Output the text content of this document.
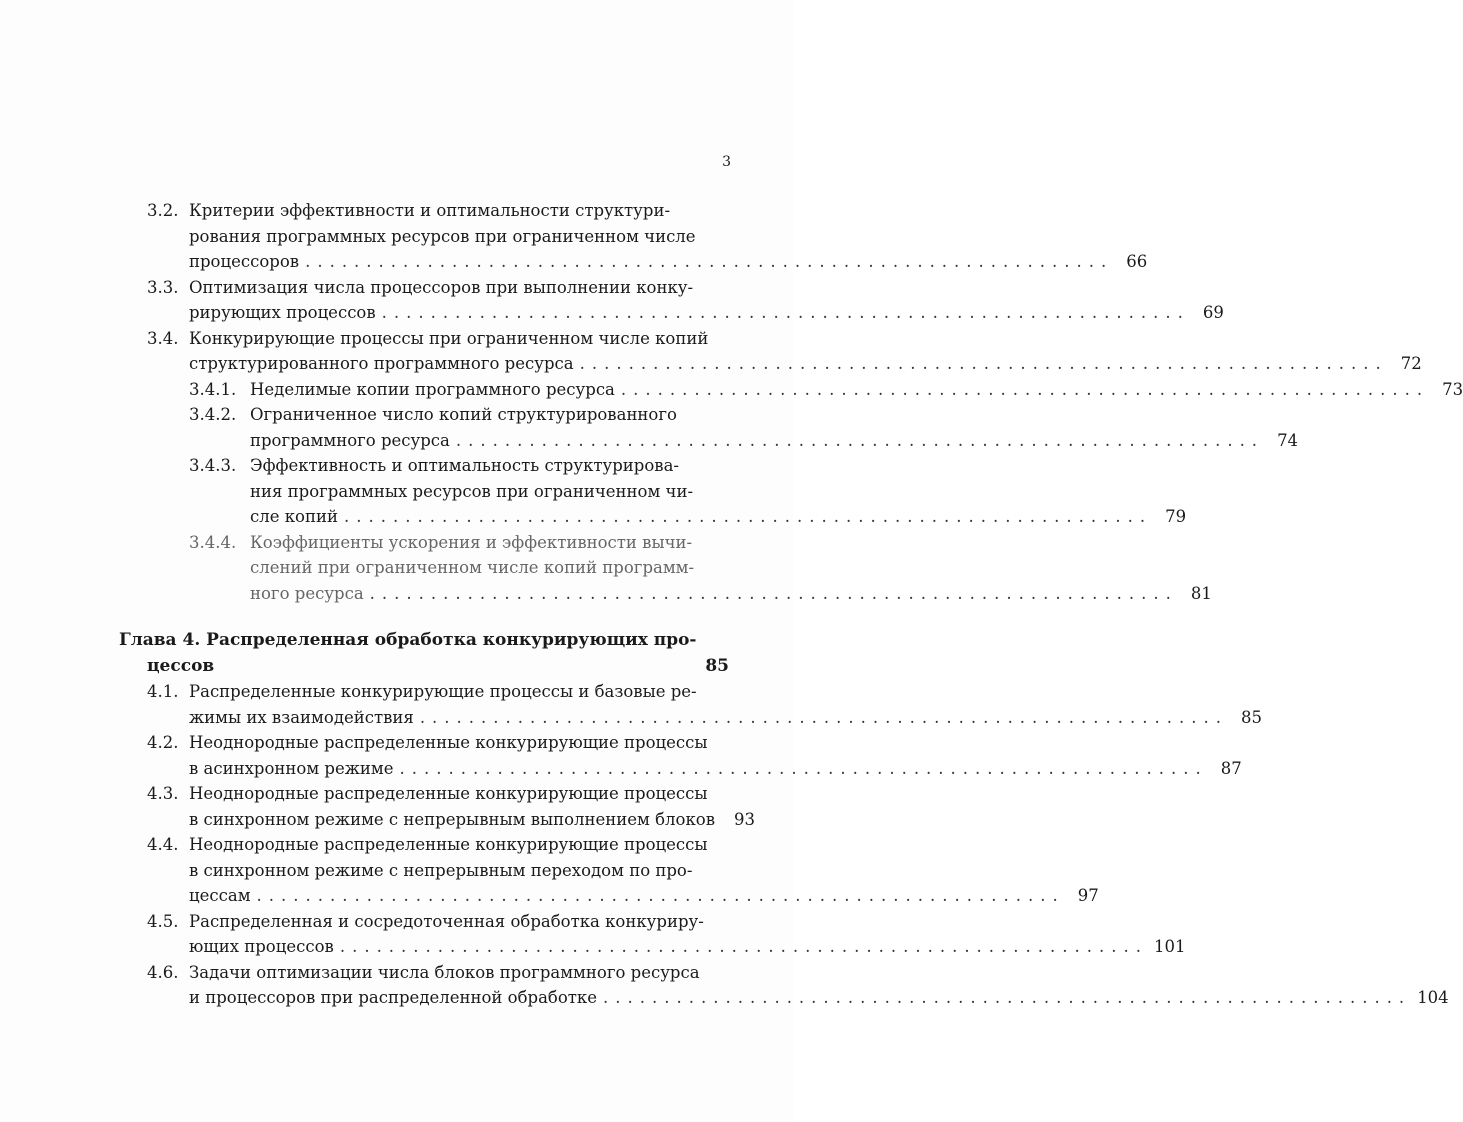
3
3.2. Критерии эффективности и оптимальности структури-
рования программных ресурсов при ограниченном числе
процессоров .................................................................. 66
3.3. Оптимизация числа процессоров при выполнении конку-
рирующих процессов .................................................................. 69
3.4. Конкурирующие процессы при ограниченном числе копий
структурированного программного ресурса .................................................................. 72
3.4.1. Неделимые копии программного ресурса .................................................................. 73
3.4.2. Ограниченное число копий структурированного
программного ресурса .................................................................. 74
3.4.3. Эффективность и оптимальность структурирова-
ния программных ресурсов при ограниченном чи-
сле копий .................................................................. 79
3.4.4. Коэффициенты ускорения и эффективности вычи-
слений при ограниченном числе копий программ-
ного ресурса .................................................................. 81
Глава 4. Распределенная обработка конкурирующих про-
цессов	85
4.1. Распределенные конкурирующие процессы и базовые ре-
жимы их взаимодействия .................................................................. 85
4.2. Неоднородные распределенные конкурирующие процессы
в асинхронном режиме .................................................................. 87
4.3. Неоднородные распределенные конкурирующие процессы
в синхронном режиме с непрерывным выполнением блоков	93
4.4. Неоднородные распределенные конкурирующие процессы
в синхронном режиме с непрерывным переходом по про-
цессам .................................................................. 97
4.5. Распределенная и сосредоточенная обработка конкуриру-
ющих процессов .................................................................. 101
4.6. Задачи оптимизации числа блоков программного ресурса
и процессоров при распределенной обработке .................................................................. 104
